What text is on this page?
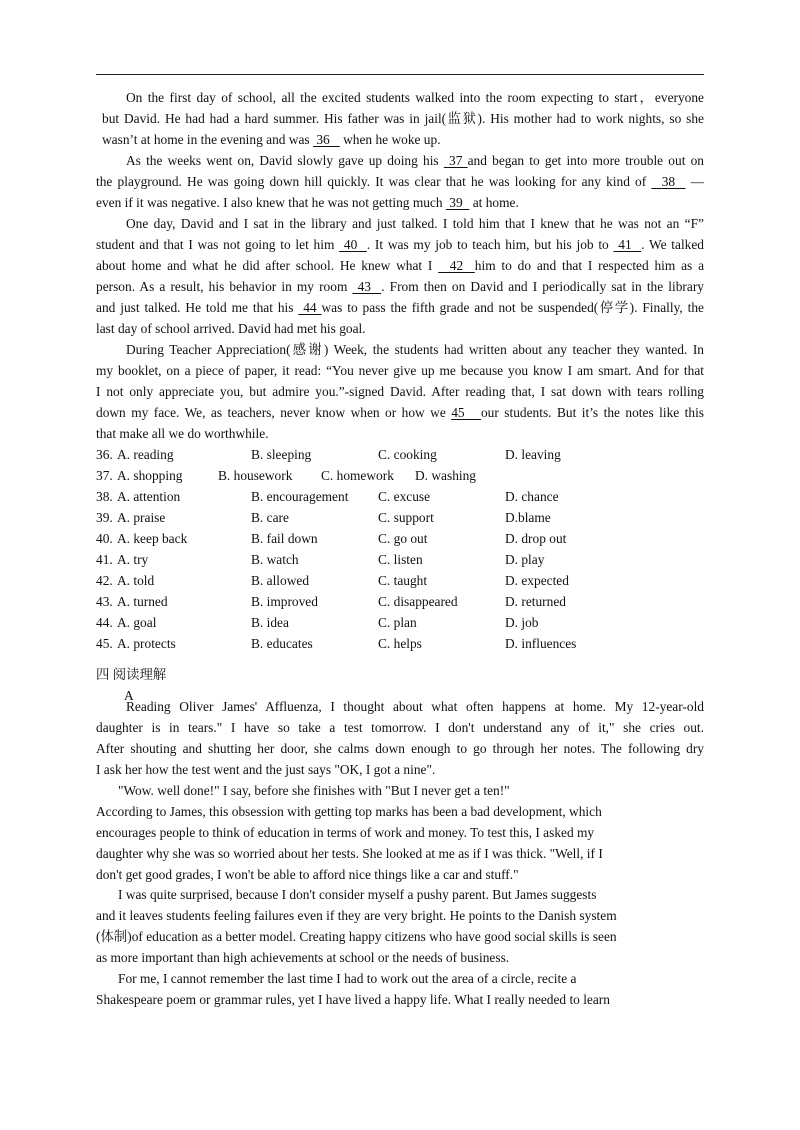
On the first day of school, all the excited students walked into the room expecting to start，everyone
but David. He had had a hard summer. His father was in jail(监狱). His mother had to work nights, so she
wasn’t at home in the evening and was  36    when he woke up.
As the weeks went on, David slowly gave up doing his  37 and began to get into more trouble out on
the playground. He was going down hill quickly. It was clear that he was looking for any kind of   38   —
even if it was negative. I also knew that he was not getting much  39   at home.
One day, David and I sat in the library and just talked. I told him that I knew that he was not an “F”
student and that I was not going to let him  40  . It was my job to teach him, but his job to  41  . We talked
about home and what he did after school. He knew what I   42  him to do and that I respected him as a
person. As a result, his behavior in my room  43  . From then on David and I periodically sat in the library
and just talked. He told me that his  44 was to pass the fifth grade and not be suspended(停学). Finally, the
last day of school arrived. David had met his goal.
During Teacher Appreciation(感谢) Week, the students had written about any teacher they wanted. In
my booklet, on a piece of paper, it read: “You never give up me because you know I am smart. And for that
I not only appreciate you, but admire you.”-signed David. After reading that, I sat down with tears rolling
down my face. We, as teachers, never know when or how we 45   our students. But it’s the notes like this
that make all we do worthwhile.
36. A. reading	B. sleeping	C. cooking	D. leaving
37. A. shopping	B. housework C. homework D. washing
38. A. attention	B. encouragement C. excuse	D. chance
39. A. praise	B. care	C. support	D.blame
40. A. keep back	B. fail down	C. go out	D. drop out
41. A. try	B. watch	C. listen	D. play
42. A. told	B. allowed	C. taught	D. expected
43. A. turned	B. improved	C. disappeared	D. returned
44. A. goal	B. idea	C. plan	D. job
45. A. protects	B. educates	C. helps	D. influences
四 阅读理解
A
Reading Oliver James' Affluenza, I thought about what often happens at home. My 12-year-old
daughter is in tears." I have so take a test tomorrow. I don't understand any of it," she cries out.
After shouting and shutting her door, she calms down enough to go through her notes. The following dry
I ask her how the test went and the just says "OK, I got a nine".
"Wow. well done!" I say, before she finishes with "But I never get a ten!"
According to James, this obsession with getting top marks has been a bad development, which
encourages people to think of education in terms of work and money. To test this, I asked my
daughter why she was so worried about her tests. She looked at me as if I was thick. "Well, if I
don't get good grades, I won't be able to afford nice things like a car and stuff."
I was quite surprised, because I don't consider myself a pushy parent. But James suggests
and it leaves students feeling failures even if they are very bright. He points to the Danish system
(体制)of education as a better model. Creating happy citizens who have good social skills is seen
as more important than high achievements at school or the needs of business.
For me, I cannot remember the last time I had to work out the area of a circle, recite a
Shakespeare poem or grammar rules, yet I have lived a happy life. What I really needed to learn
